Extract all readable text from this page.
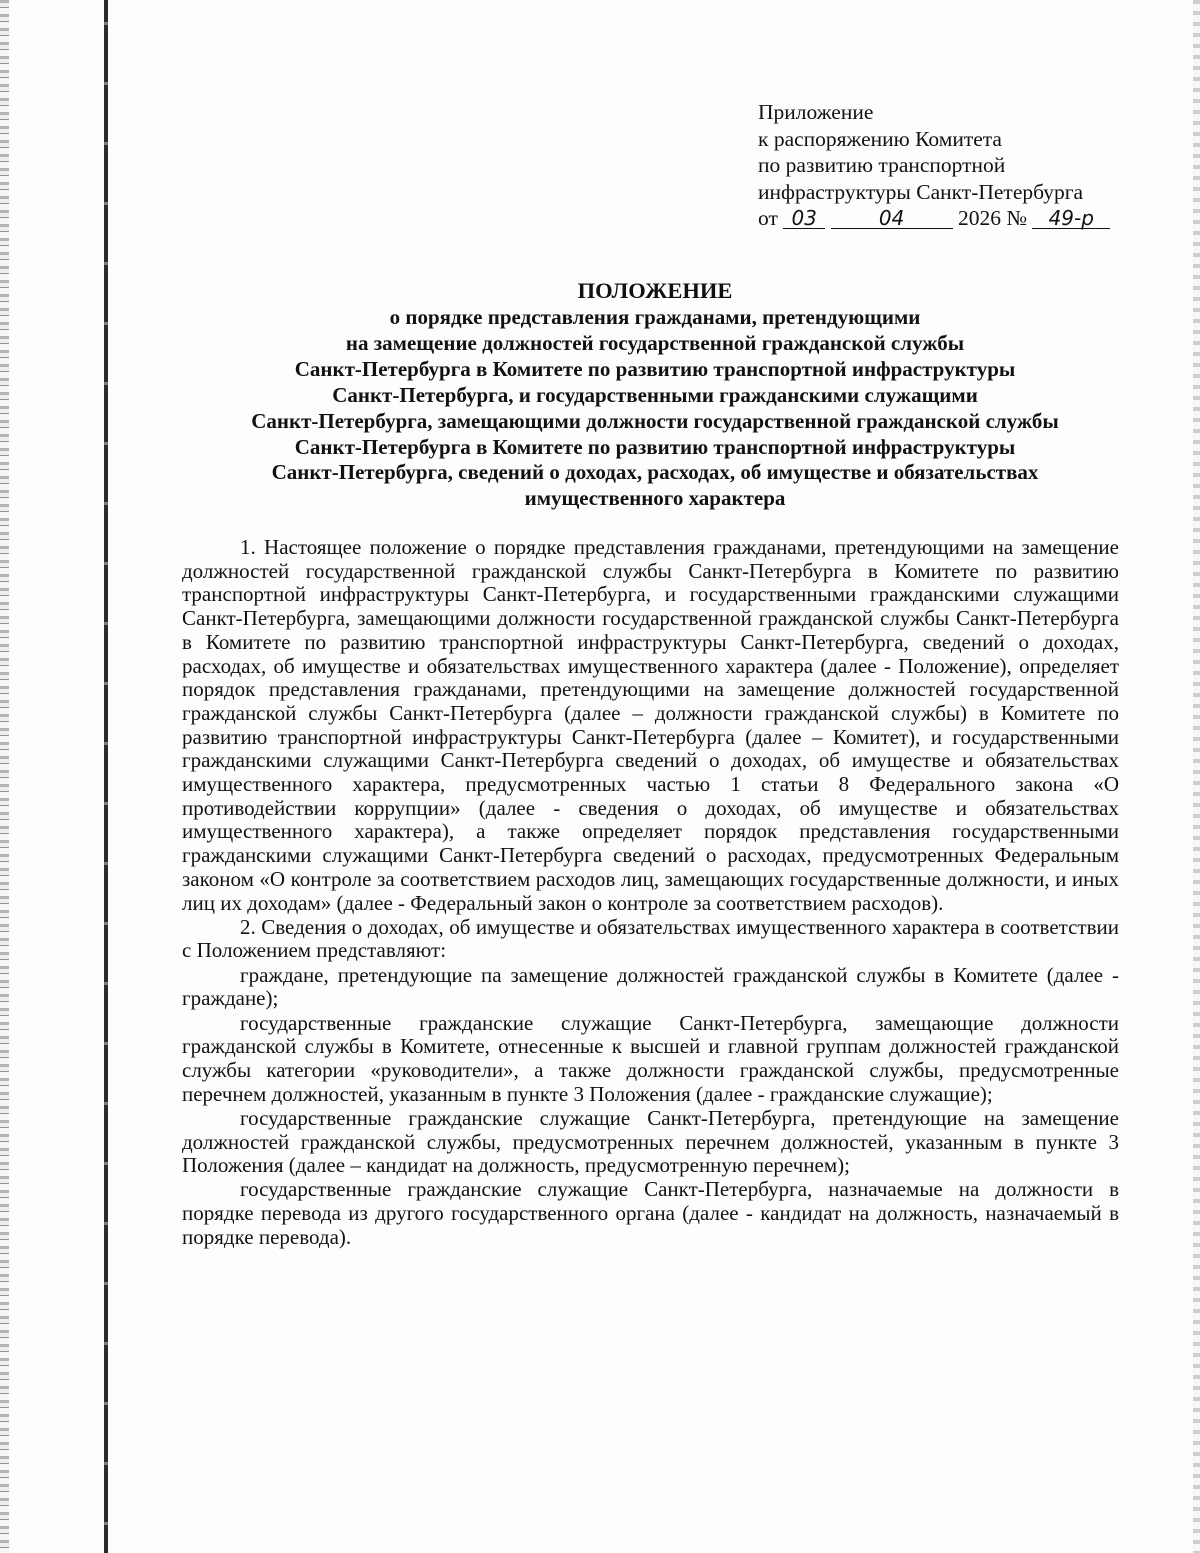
Приложение
к распоряжению Комитета
по развитию транспортной
инфраструктуры Санкт-Петербурга
от 03	04 2026 № 49-р
ПОЛОЖЕНИЕ
о порядке представления гражданами, претендующими
на замещение должностей государственной гражданской службы
Санкт-Петербурга в Комитете по развитию транспортной инфраструктуры
Санкт-Петербурга, и государственными гражданскими служащими
Санкт-Петербурга, замещающими должности государственной гражданской службы
Санкт-Петербурга в Комитете по развитию транспортной инфраструктуры
Санкт-Петербурга, сведений о доходах, расходах, об имуществе и обязательствах
имущественного характера

1. Настоящее положение о порядке представления гражданами, претендующими на замещение должностей государственной гражданской службы Санкт-Петербурга в Комитете по развитию транспортной инфраструктуры Санкт-Петербурга, и государственными гражданскими служащими Санкт-Петербурга, замещающими должности государственной гражданской службы Санкт-Петербурга в Комитете по развитию транспортной инфраструктуры Санкт-Петербурга, сведений о доходах, расходах, об имуществе и обязательствах имущественного характера (далее - Положение), определяет порядок представления гражданами, претендующими на замещение должностей государственной гражданской службы Санкт-Петербурга (далее – должности гражданской службы) в Комитете по развитию транспортной инфраструктуры Санкт-Петербурга (далее – Комитет), и государственными гражданскими служащими Санкт-Петербурга сведений о доходах, об имуществе и обязательствах имущественного характера, предусмотренных частью 1 статьи 8 Федерального закона «О противодействии коррупции» (далее - сведения о доходах, об имуществе и обязательствах имущественного характера), а также определяет порядок представления государственными гражданскими служащими Санкт-Петербурга сведений о расходах, предусмотренных Федеральным законом «О контроле за соответствием расходов лиц, замещающих государственные должности, и иных лиц их доходам» (далее - Федеральный закон о контроле за соответствием расходов).

2. Сведения о доходах, об имуществе и обязательствах имущественного характера в соответствии с Положением представляют:

граждане, претендующие па замещение должностей гражданской службы в Комитете (далее - граждане);

государственные гражданские служащие Санкт-Петербурга, замещающие должности гражданской службы в Комитете, отнесенные к высшей и главной группам должностей гражданской службы категории «руководители», а также должности гражданской службы, предусмотренные перечнем должностей, указанным в пункте 3 Положения (далее - гражданские служащие);

государственные гражданские служащие Санкт-Петербурга, претендующие на замещение должностей гражданской службы, предусмотренных перечнем должностей, указанным в пункте 3 Положения (далее – кандидат на должность, предусмотренную перечнем);

государственные гражданские служащие Санкт-Петербурга, назначаемые на должности в порядке перевода из другого государственного органа (далее - кандидат на должность, назначаемый в порядке перевода).
